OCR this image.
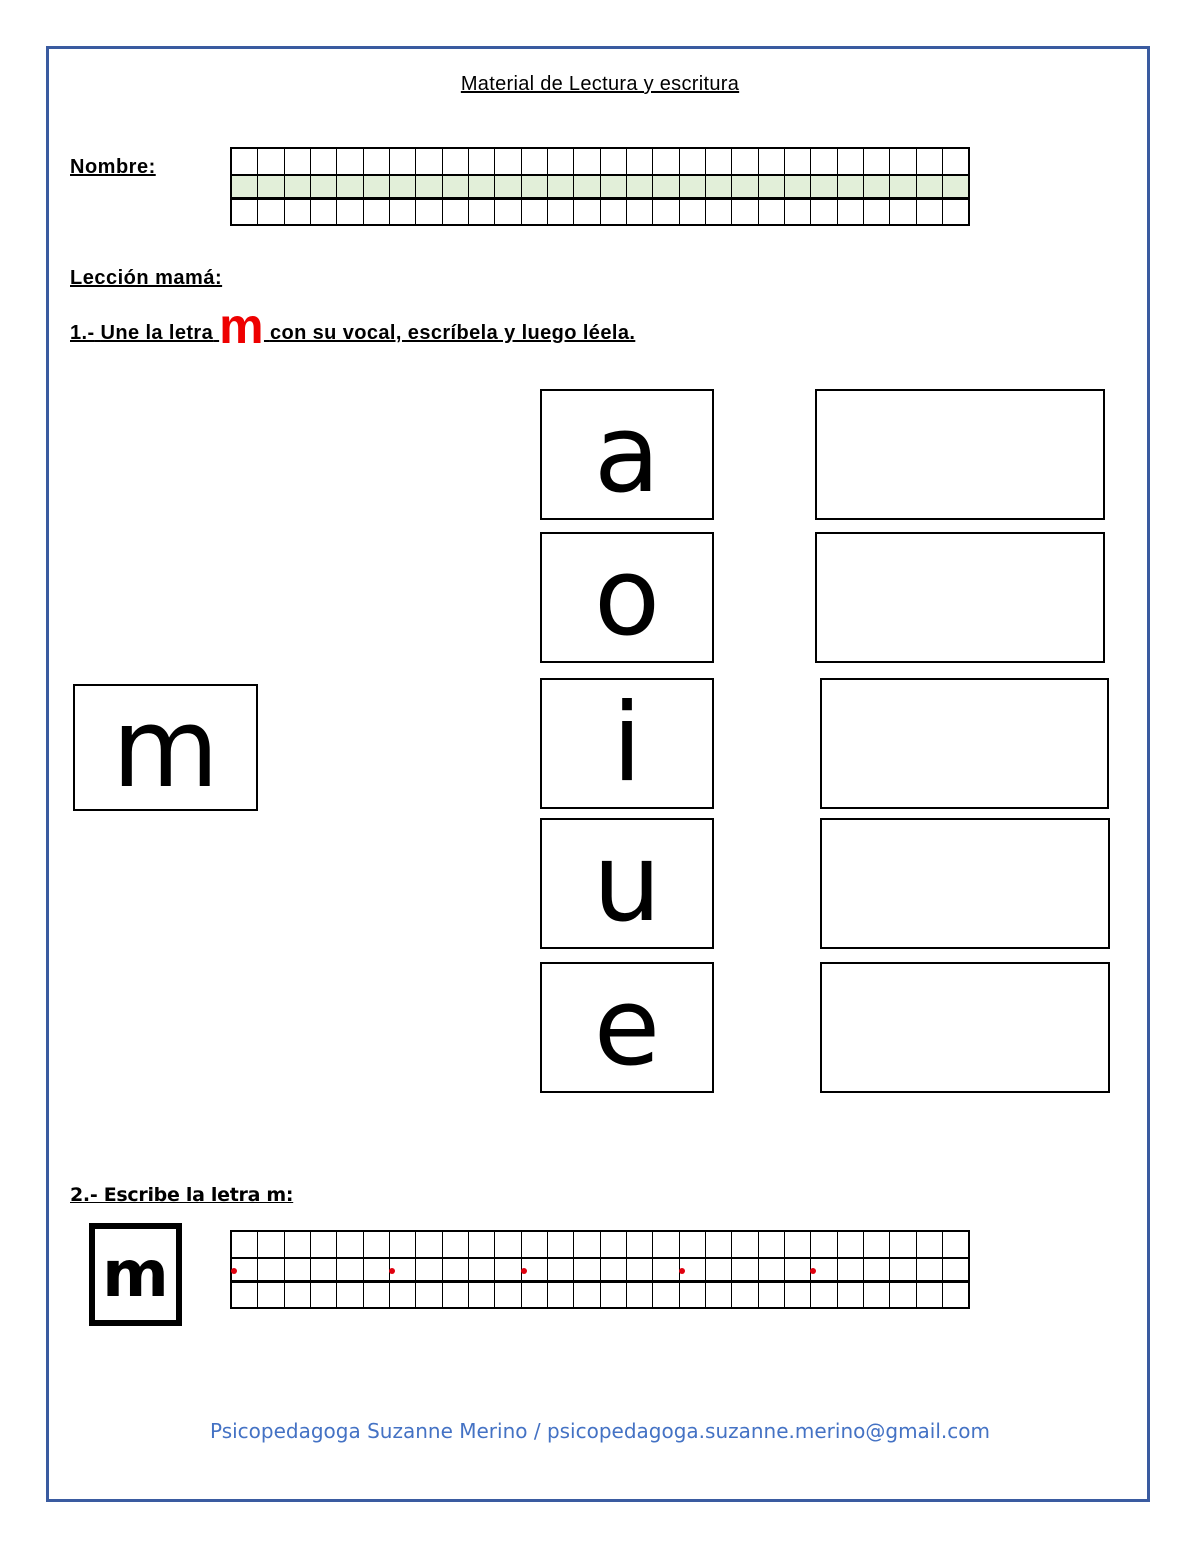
Material de Lectura y escritura
Nombre:
Lección mamá:
1.- Une la letra m con su vocal, escríbela y luego léela.
m
a
o
i
u
e
2.- Escribe la letra m:
m
Psicopedagoga Suzanne Merino / psicopedagoga.suzanne.merino@gmail.com
